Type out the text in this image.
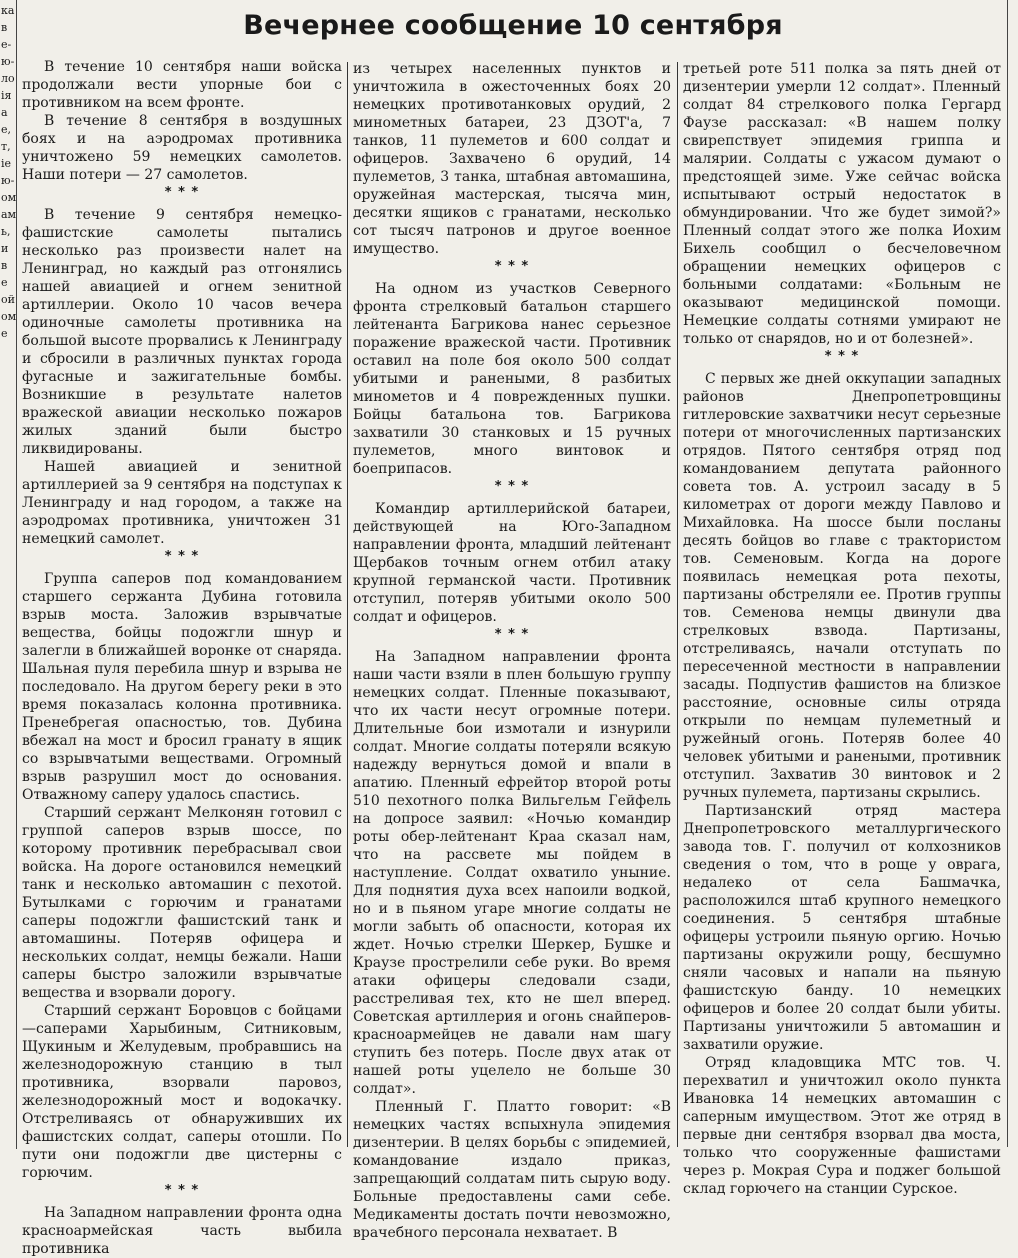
ка
в
е-
ю-
ло
ія
а
е,
т,
іе
ю-
ом
ам
ь,
и
в
е
ой
ом
e
Вечернее сообщение 10 сентября

В течение 10 сентября наши войска продолжали вести упорные бои с противником на всем фронте.

В течение 8 сентября в воздушных боях и на аэродромах противника уничтожено 59 немецких самолетов. Наши потери — 27 самолетов.

* * *

В течение 9 сентября немецко-фашистские самолеты пытались несколько раз произвести налет на Ленинград, но каждый раз отгонялись нашей авиацией и огнем зенитной артиллерии. Около 10 часов вечера одиночные самолеты противника на большой высоте прорвались к Ленинграду и сбросили в различных пунктах города фугасные и зажигательные бомбы. Возникшие в результате налетов вражеской авиации несколько пожаров жилых зданий были быстро ликвидированы.

Нашей авиацией и зенитной артиллерией за 9 сентября на подступах к Ленинграду и над городом, а также на аэродромах противника, уничтожен 31 немецкий самолет.

* * *

Группа саперов под командованием старшего сержанта Дубина готовила взрыв моста. Заложив взрывчатые вещества, бойцы подожгли шнур и залегли в ближайшей воронке от снаряда. Шальная пуля перебила шнур и взрыва не последовало. На другом берегу реки в это время показалась колонна противника. Пренебрегая опасностью, тов. Дубина вбежал на мост и бросил гранату в ящик со взрывчатыми веществами. Огромный взрыв разрушил мост до основания. Отважному саперу удалось спастись.

Старший сержант Мелконян готовил с группой саперов взрыв шоссе, по которому противник перебрасывал свои войска. На дороге остановился немецкий танк и несколько автомашин с пехотой. Бутылками с горючим и гранатами саперы подожгли фашистский танк и автомашины. Потеряв офицера и нескольких солдат, немцы бежали. Наши саперы быстро заложили взрывчатые вещества и взорвали дорогу.

Старший сержант Боровцов с бойцами—саперами Харыбиным, Ситниковым, Щукиным и Желудевым, пробравшись на железнодорожную станцию в тыл противника, взорвали паровоз, железнодорожный мост и водокачку. Отстреливаясь от обнаруживших их фашистских солдат, саперы отошли. По пути они подожгли две цистерны с горючим.

* * *

На Западном направлении фронта одна красноармейская часть выбила противника

из четырех населенных пунктов и уничтожила в ожесточенных боях 20 немецких противотанковых орудий, 2 минометных батареи, 23 ДЗОТ'а, 7 танков, 11 пулеметов и 600 солдат и офицеров. Захвачено 6 орудий, 14 пулеметов, 3 танка, штабная автомашина, оружейная мастерская, тысяча мин, десятки ящиков с гранатами, несколько сот тысяч патронов и другое военное имущество.

* * *

На одном из участков Северного фронта стрелковый батальон старшего лейтенанта Багрикова нанес серьезное поражение вражеской части. Противник оставил на поле боя около 500 солдат убитыми и ранеными, 8 разбитых минометов и 4 поврежденных пушки. Бойцы батальона тов. Багрикова захватили 30 станковых и 15 ручных пулеметов, много винтовок и боеприпасов.

* * *

Командир артиллерийской батареи, действующей на Юго-Западном направлении фронта, младший лейтенант Щербаков точным огнем отбил атаку крупной германской части. Противник отступил, потеряв убитыми около 500 солдат и офицеров.

* * *

На Западном направлении фронта наши части взяли в плен большую группу немецких солдат. Пленные показывают, что их части несут огромные потери. Длительные бои измотали и изнурили солдат. Многие солдаты потеряли всякую надежду вернуться домой и впали в апатию. Пленный ефрейтор второй роты 510 пехотного полка Вильгельм Гейфель на допросе заявил: «Ночью командир роты обер-лейтенант Краа сказал нам, что на рассвете мы пойдем в наступление. Солдат охватило уныние. Для поднятия духа всех напоили водкой, но и в пьяном угаре многие солдаты не могли забыть об опасности, которая их ждет. Ночью стрелки Шеркер, Бушке и Краузе прострелили себе руки. Во время атаки офицеры следовали сзади, расстреливая тех, кто не шел вперед. Советская артиллерия и огонь снайперов-красноармейцев не давали нам шагу ступить без потерь. После двух атак от нашей роты уцелело не больше 30 солдат».

Пленный Г. Платто говорит: «В немецких частях вспыхнула эпидемия дизентерии. В целях борьбы с эпидемией, командование издало приказ, запрещающий солдатам пить сырую воду. Больные предоставлены сами себе. Медикаменты достать почти невозможно, врачебного персонала нехватает. В

третьей роте 511 полка за пять дней от дизентерии умерли 12 солдат». Пленный солдат 84 стрелкового полка Гергард Фаузе рассказал: «В нашем полку свирепствует эпидемия гриппа и малярии. Солдаты с ужасом думают о предстоящей зиме. Уже сейчас войска испытывают острый недостаток в обмундировании. Что же будет зимой?» Пленный солдат этого же полка Иохим Бихель сообщил о бесчеловечном обращении немецких офицеров с больными солдатами: «Больным не оказывают медицинской помощи. Немецкие солдаты сотнями умирают не только от снарядов, но и от болезней».

* * *

С первых же дней оккупации западных районов Днепропетровщины гитлеровские захватчики несут серьезные потери от многочисленных партизанских отрядов. Пятого сентября отряд под командованием депутата районного совета тов. А. устроил засаду в 5 километрах от дороги между Павлово и Михайловка. На шоссе были посланы десять бойцов во главе с трактористом тов. Семеновым. Когда на дороге появилась немецкая рота пехоты, партизаны обстреляли ее. Против группы тов. Семенова немцы двинули два стрелковых взвода. Партизаны, отстреливаясь, начали отступать по пересеченной местности в направлении засады. Подпустив фашистов на близкое расстояние, основные силы отряда открыли по немцам пулеметный и ружейный огонь. Потеряв более 40 человек убитыми и ранеными, противник отступил. Захватив 30 винтовок и 2 ручных пулемета, партизаны скрылись.

Партизанский отряд мастера Днепропетровского металлургического завода тов. Г. получил от колхозников сведения о том, что в роще у оврага, недалеко от села Башмачка, расположился штаб крупного немецкого соединения. 5 сентября штабные офицеры устроили пьяную оргию. Ночью партизаны окружили рощу, бесшумно сняли часовых и напали на пьяную фашистскую банду. 10 немецких офицеров и более 20 солдат были убиты. Партизаны уничтожили 5 автомашин и захватили оружие.

Отряд кладовщика МТС тов. Ч. перехватил и уничтожил около пункта Ивановка 14 немецких автомашин с саперным имуществом. Этот же отряд в первые дни сентября взорвал два моста, только что сооруженные фашистами через р. Мокрая Сура и поджег большой склад горючего на станции Сурское.
